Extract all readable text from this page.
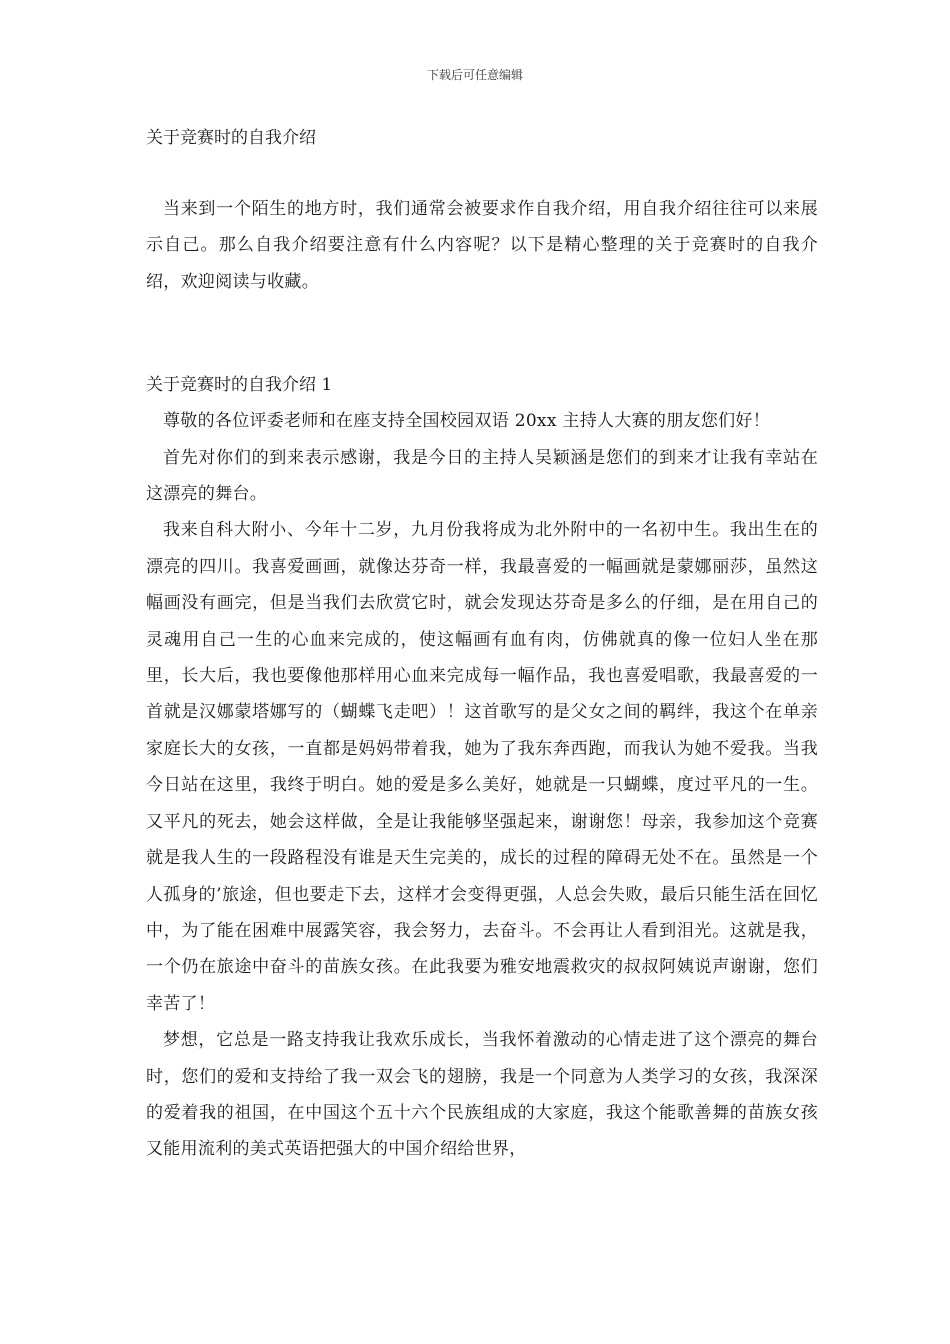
下载后可任意编辑
关于竞赛时的自我介绍

当来到一个陌生的地方时，我们通常会被要求作自我介绍，用自我介绍往往可以来展示自己。那么自我介绍要注意有什么内容呢？以下是精心整理的关于竞赛时的自我介绍，欢迎阅读与收藏。

关于竞赛时的自我介绍 1

尊敬的各位评委老师和在座支持全国校园双语 20xx 主持人大赛的朋友您们好！

首先对你们的到来表示感谢，我是今日的主持人吴颖涵是您们的到来才让我有幸站在这漂亮的舞台。

我来自科大附小、今年十二岁，九月份我将成为北外附中的一名初中生。我出生在的漂亮的四川。我喜爱画画，就像达芬奇一样，我最喜爱的一幅画就是蒙娜丽莎，虽然这幅画没有画完，但是当我们去欣赏它时，就会发现达芬奇是多么的仔细，是在用自己的灵魂用自己一生的心血来完成的，使这幅画有血有肉，仿佛就真的像一位妇人坐在那里，长大后，我也要像他那样用心血来完成每一幅作品，我也喜爱唱歌，我最喜爱的一首就是汉娜蒙塔娜写的（蝴蝶飞走吧）！这首歌写的是父女之间的羁绊，我这个在单亲家庭长大的女孩，一直都是妈妈带着我，她为了我东奔西跑，而我认为她不爱我。当我今日站在这里，我终于明白。她的爱是多么美好，她就是一只蝴蝶，度过平凡的一生。又平凡的死去，她会这样做，全是让我能够坚强起来，谢谢您！母亲，我参加这个竞赛就是我人生的一段路程没有谁是天生完美的，成长的过程的障碍无处不在。虽然是一个人孤身的’旅途，但也要走下去，这样才会变得更强，人总会失败，最后只能生活在回忆中，为了能在困难中展露笑容，我会努力，去奋斗。不会再让人看到泪光。这就是我，一个仍在旅途中奋斗的苗族女孩。在此我要为雅安地震救灾的叔叔阿姨说声谢谢，您们幸苦了！

梦想，它总是一路支持我让我欢乐成长，当我怀着激动的心情走进了这个漂亮的舞台时，您们的爱和支持给了我一双会飞的翅膀，我是一个同意为人类学习的女孩，我深深的爱着我的祖国，在中国这个五十六个民族组成的大家庭，我这个能歌善舞的苗族女孩又能用流利的美式英语把强大的中国介绍给世界，
